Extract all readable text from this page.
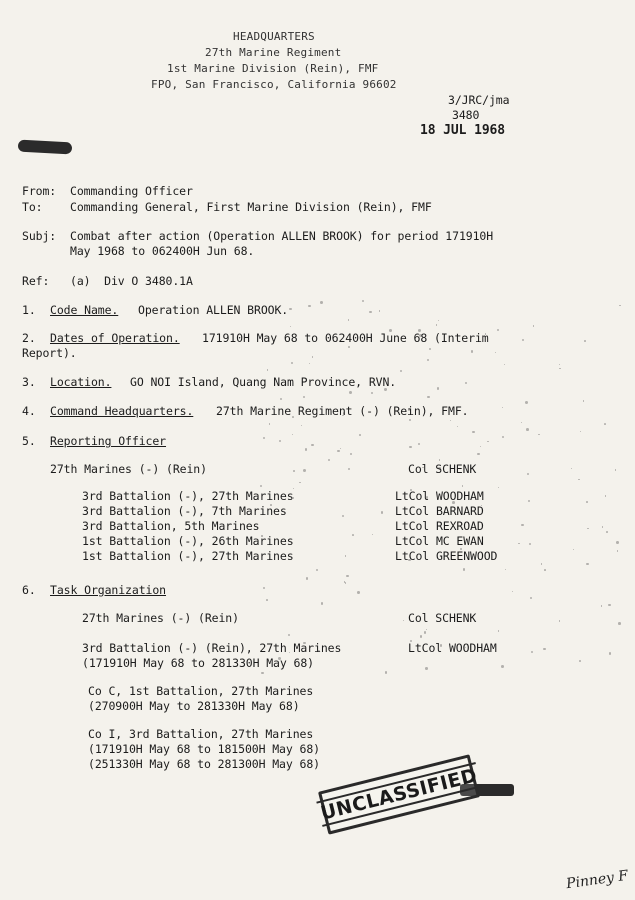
HEADQUARTERS
27th Marine Regiment
1st Marine Division (Rein), FMF
FPO, San Francisco, California 96602
3/JRC/jma
3480
18 JUL 1968
From: Commanding Officer
To: Commanding General, First Marine Division (Rein), FMF
Subj: Combat after action (Operation ALLEN BROOK) for period 171910H
May 1968 to 062400H Jun 68.
Ref: (a)  Div O 3480.1A
1. Code Name. Operation ALLEN BROOK.
2. Dates of Operation. 171910H May 68 to 062400H June 68 (Interim
Report).
3. Location. GO NOI Island, Quang Nam Province, RVN.
4. Command Headquarters. 27th Marine Regiment (-) (Rein), FMF.
5. Reporting Officer
27th Marines (-) (Rein)	Col SCHENK
3rd Battalion (-), 27th Marines	LtCol WOODHAM
3rd Battalion (-), 7th Marines	LtCol BARNARD
3rd Battalion, 5th Marines	LtCol REXROAD
1st Battalion (-), 26th Marines	LtCol MC EWAN
1st Battalion (-), 27th Marines	LtCol GREENWOOD
6. Task Organization
27th Marines (-) (Rein)	Col SCHENK
3rd Battalion (-) (Rein), 27th Marines	LtCol WOODHAM
(171910H May 68 to 281330H May 68)
Co C, 1st Battalion, 27th Marines
(270900H May to 281330H May 68)
Co I, 3rd Battalion, 27th Marines
(171910H May 68 to 181500H May 68)
(251330H May 68 to 281300H May 68)
UNCLASSIFIED
Pinney F
